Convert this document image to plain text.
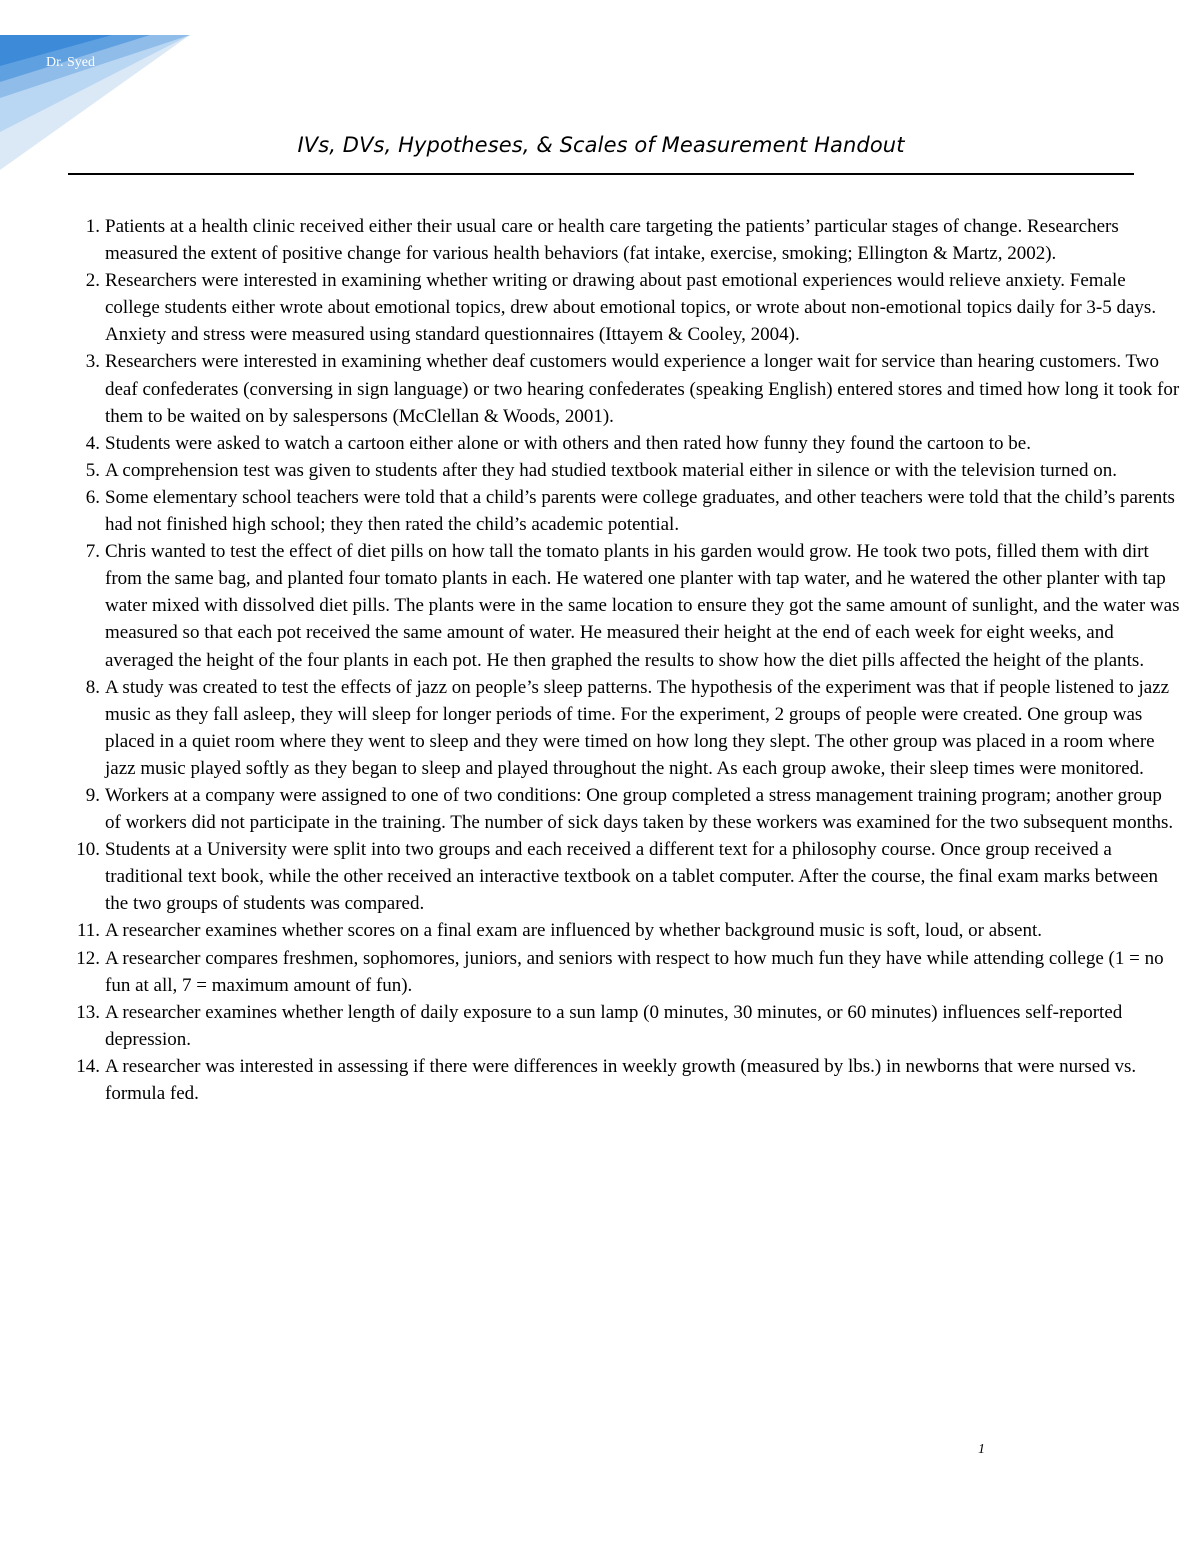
Dr. Syed
IVs, DVs, Hypotheses, & Scales of Measurement Handout
1. Patients at a health clinic received either their usual care or health care targeting the patients’ particular stages of change. Researchers measured the extent of positive change for various health behaviors (fat intake, exercise, smoking; Ellington & Martz, 2002).
2. Researchers were interested in examining whether writing or drawing about past emotional experiences would relieve anxiety. Female college students either wrote about emotional topics, drew about emotional topics, or wrote about non-emotional topics daily for 3-5 days. Anxiety and stress were measured using standard questionnaires (Ittayem & Cooley, 2004).
3. Researchers were interested in examining whether deaf customers would experience a longer wait for service than hearing customers. Two deaf confederates (conversing in sign language) or two hearing confederates (speaking English) entered stores and timed how long it took for them to be waited on by salespersons (McClellan & Woods, 2001).
4. Students were asked to watch a cartoon either alone or with others and then rated how funny they found the cartoon to be.
5. A comprehension test was given to students after they had studied textbook material either in silence or with the television turned on.
6. Some elementary school teachers were told that a child’s parents were college graduates, and other teachers were told that the child’s parents had not finished high school; they then rated the child’s academic potential.
7. Chris wanted to test the effect of diet pills on how tall the tomato plants in his garden would grow. He took two pots, filled them with dirt from the same bag, and planted four tomato plants in each. He watered one planter with tap water, and he watered the other planter with tap water mixed with dissolved diet pills. The plants were in the same location to ensure they got the same amount of sunlight, and the water was measured so that each pot received the same amount of water. He measured their height at the end of each week for eight weeks, and averaged the height of the four plants in each pot. He then graphed the results to show how the diet pills affected the height of the plants.
8. A study was created to test the effects of jazz on people’s sleep patterns. The hypothesis of the experiment was that if people listened to jazz music as they fall asleep, they will sleep for longer periods of time. For the experiment, 2 groups of people were created. One group was placed in a quiet room where they went to sleep and they were timed on how long they slept. The other group was placed in a room where jazz music played softly as they began to sleep and played throughout the night. As each group awoke, their sleep times were monitored.
9. Workers at a company were assigned to one of two conditions: One group completed a stress management training program; another group of workers did not participate in the training. The number of sick days taken by these workers was examined for the two subsequent months.
10. Students at a University were split into two groups and each received a different text for a philosophy course. Once group received a traditional text book, while the other received an interactive textbook on a tablet computer. After the course, the final exam marks between the two groups of students was compared.
11. A researcher examines whether scores on a final exam are influenced by whether background music is soft, loud, or absent.
12. A researcher compares freshmen, sophomores, juniors, and seniors with respect to how much fun they have while attending college (1 = no fun at all, 7 = maximum amount of fun).
13. A researcher examines whether length of daily exposure to a sun lamp (0 minutes, 30 minutes, or 60 minutes) influences self-reported depression.
14. A researcher was interested in assessing if there were differences in weekly growth (measured by lbs.) in newborns that were nursed vs. formula fed.
1
